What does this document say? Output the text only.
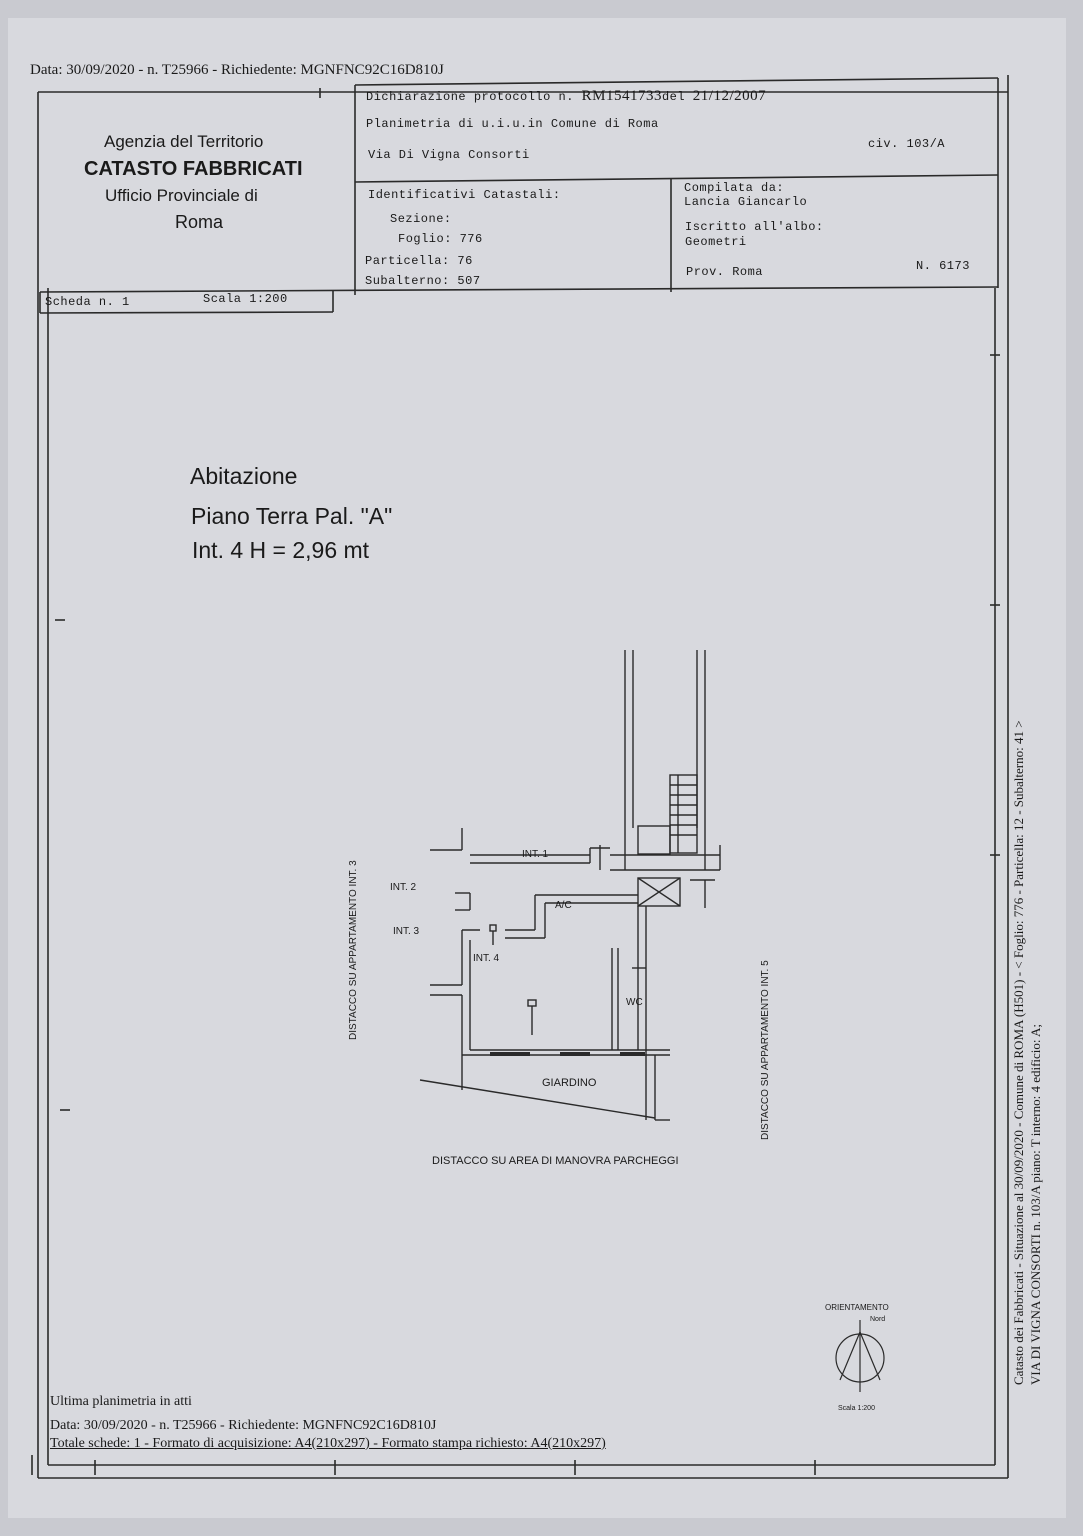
Data: 30/09/2020 - n. T25966 - Richiedente: MGNFNC92C16D810J
Agenzia del Territorio
CATASTO FABBRICATI
Ufficio Provinciale di
Roma
Dichiarazione protocollo n. RM1541733del 21/12/2007
Planimetria di u.i.u.in Comune di Roma
Via Di Vigna Consorti
civ. 103/A
Identificativi Catastali:
Sezione:
Foglio: 776
Particella: 76
Subalterno: 507
Compilata da:
Lancia Giancarlo
Iscritto all'albo:
Geometri
Prov. Roma	N. 6173
Scheda n. 1	Scala 1:200
Abitazione
Piano Terra Pal. "A"
Int. 4 H = 2,96 mt
INT. 1
INT. 2
INT. 3
INT. 4
A/C
WC
GIARDINO
DISTACCO SU AREA DI MANOVRA PARCHEGGI
DISTACCO SU APPARTAMENTO INT. 3
DISTACCO SU APPARTAMENTO INT. 5
ORIENTAMENTO
Nord
Scala 1:200
Catasto dei Fabbricati - Situazione al 30/09/2020 - Comune di ROMA (H501) - < Foglio: 776 - Particella: 12 - Subalterno: 41 > VIA DI VIGNA CONSORTI n. 103/A piano: T interno: 4 edificio: A;
Ultima planimetria in atti
Data: 30/09/2020 - n. T25966 - Richiedente: MGNFNC92C16D810J
Totale schede: 1 - Formato di acquisizione: A4(210x297) - Formato stampa richiesto: A4(210x297)
